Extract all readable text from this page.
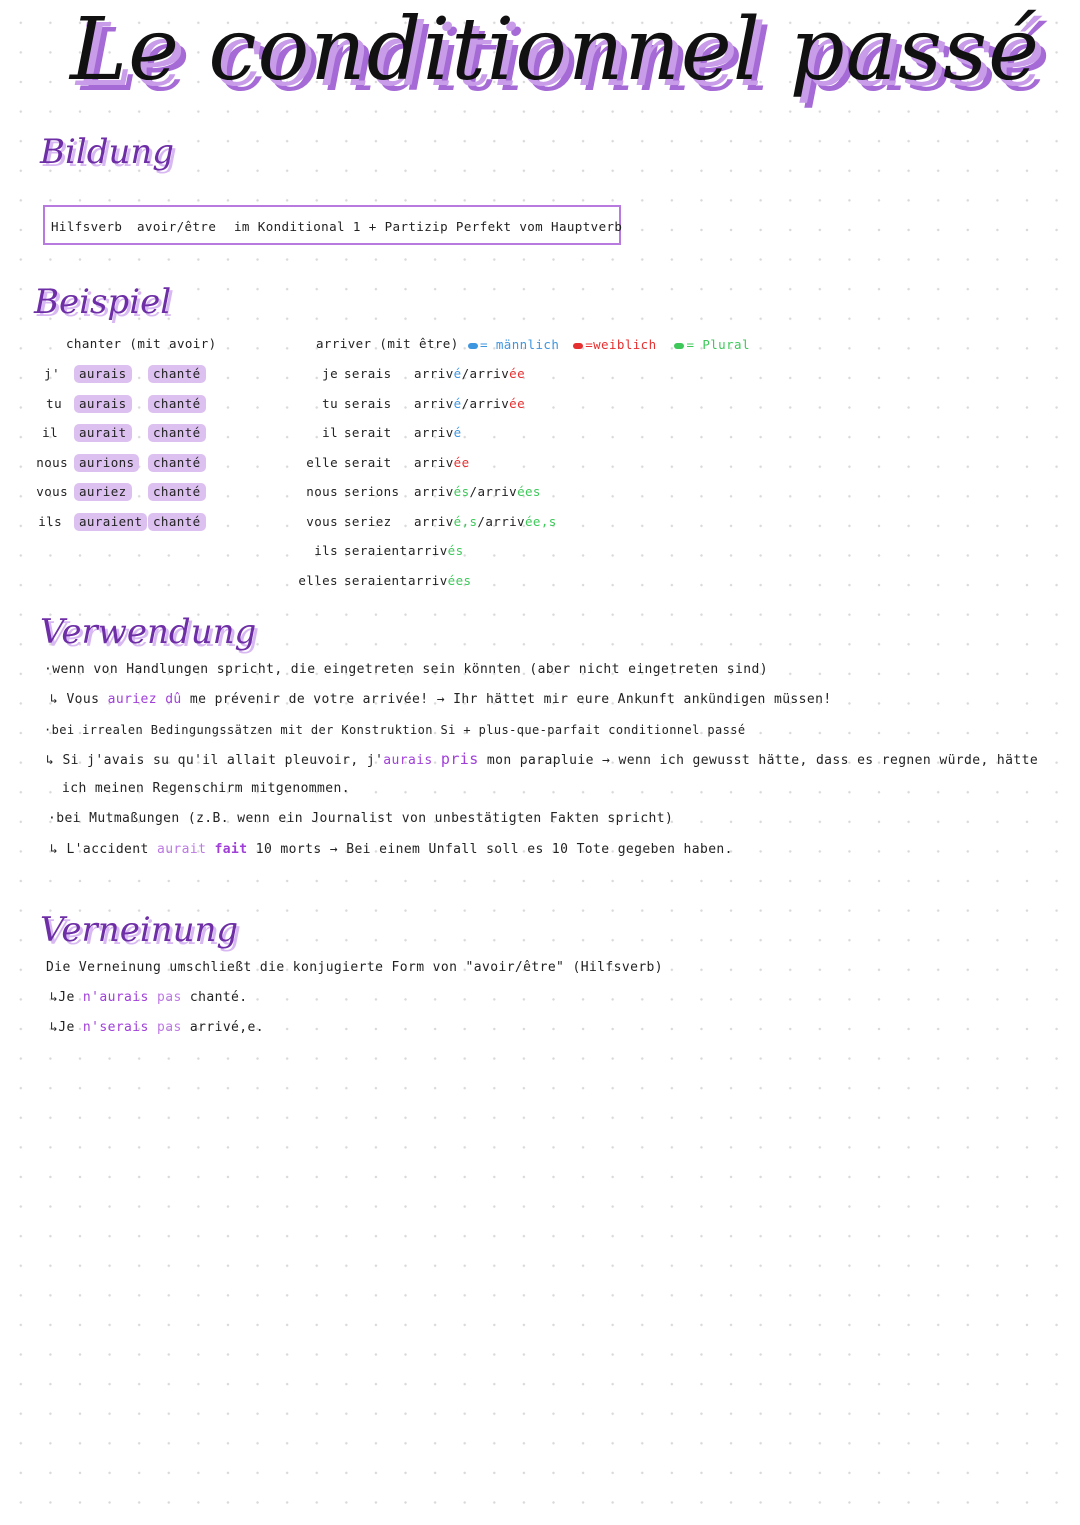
Le conditionnel passé
Bildung
Hilfsverb avoir/être im Konditional 1 + Partizip Perfekt vom Hauptverb
Beispiel
chanter (mit avoir)
j'	aurais	chanté
tu	aurais	chanté
il	aurait	chanté
nous aurions	chanté
vous auriez	chanté
ils	auraient chanté
arriver (mit être)	= männlich =weiblich = Plural
je serais arrivé/arrivée
tu serais arrivé/arrivée
il serait arrivé
elle serait arrivée
nous serions arrivés/arrivées
vous seriez arrivé,s/arrivée,s
ils seraient arrivés
elles seraient arrivées
Verwendung
·wenn von Handlungen spricht, die eingetreten sein könnten (aber nicht eingetreten sind)
↳ Vous auriez dû me prévenir de votre arrivée! → Ihr hättet mir eure Ankunft ankündigen müssen!
·bei irrealen Bedingungssätzen mit der Konstruktion Si + plus-que-parfait conditionnel passé
↳ Si j'avais su qu'il allait pleuvoir, j'aurais pris mon parapluie → wenn ich gewusst hätte, dass es regnen würde, hätte
ich meinen Regenschirm mitgenommen.
·bei Mutmaßungen (z.B. wenn ein Journalist von unbestätigten Fakten spricht)
↳ L'accident aurait fait 10 morts → Bei einem Unfall soll es 10 Tote gegeben haben.
Verneinung
Die Verneinung umschließt die konjugierte Form von "avoir/être" (Hilfsverb)
↳Je n'aurais pas chanté.
↳Je n'serais pas arrivé,e.
